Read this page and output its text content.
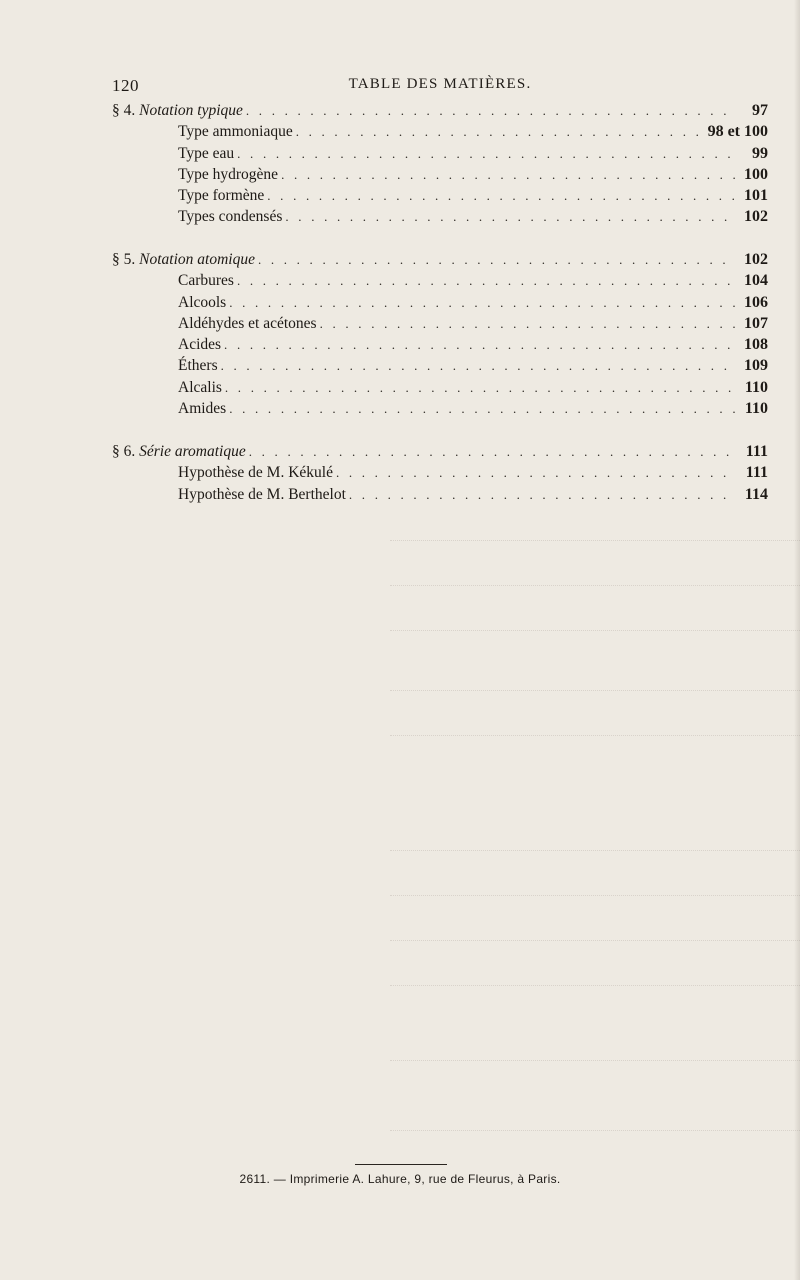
120	TABLE DES MATIÈRES.
§ 4. Notation typique . . .	97
Type ammoniaque . . .	98 et 100
Type eau . . .	99
Type hydrogène . . .	100
Type formène . . .	101
Types condensés . . .	102
§ 5. Notation atomique . . .	102
Carbures . . .	104
Alcools . . .	106
Aldéhydes et acétones . . .	107
Acides . . .	108
Éthers . . .	109
Alcalis . . .	110
Amides . . .	110
§ 6. Série aromatique . . .	111
Hypothèse de M. Kékulé . . .	111
Hypothèse de M. Berthelot . . .	114
2611. — Imprimerie A. Lahure, 9, rue de Fleurus, à Paris.
